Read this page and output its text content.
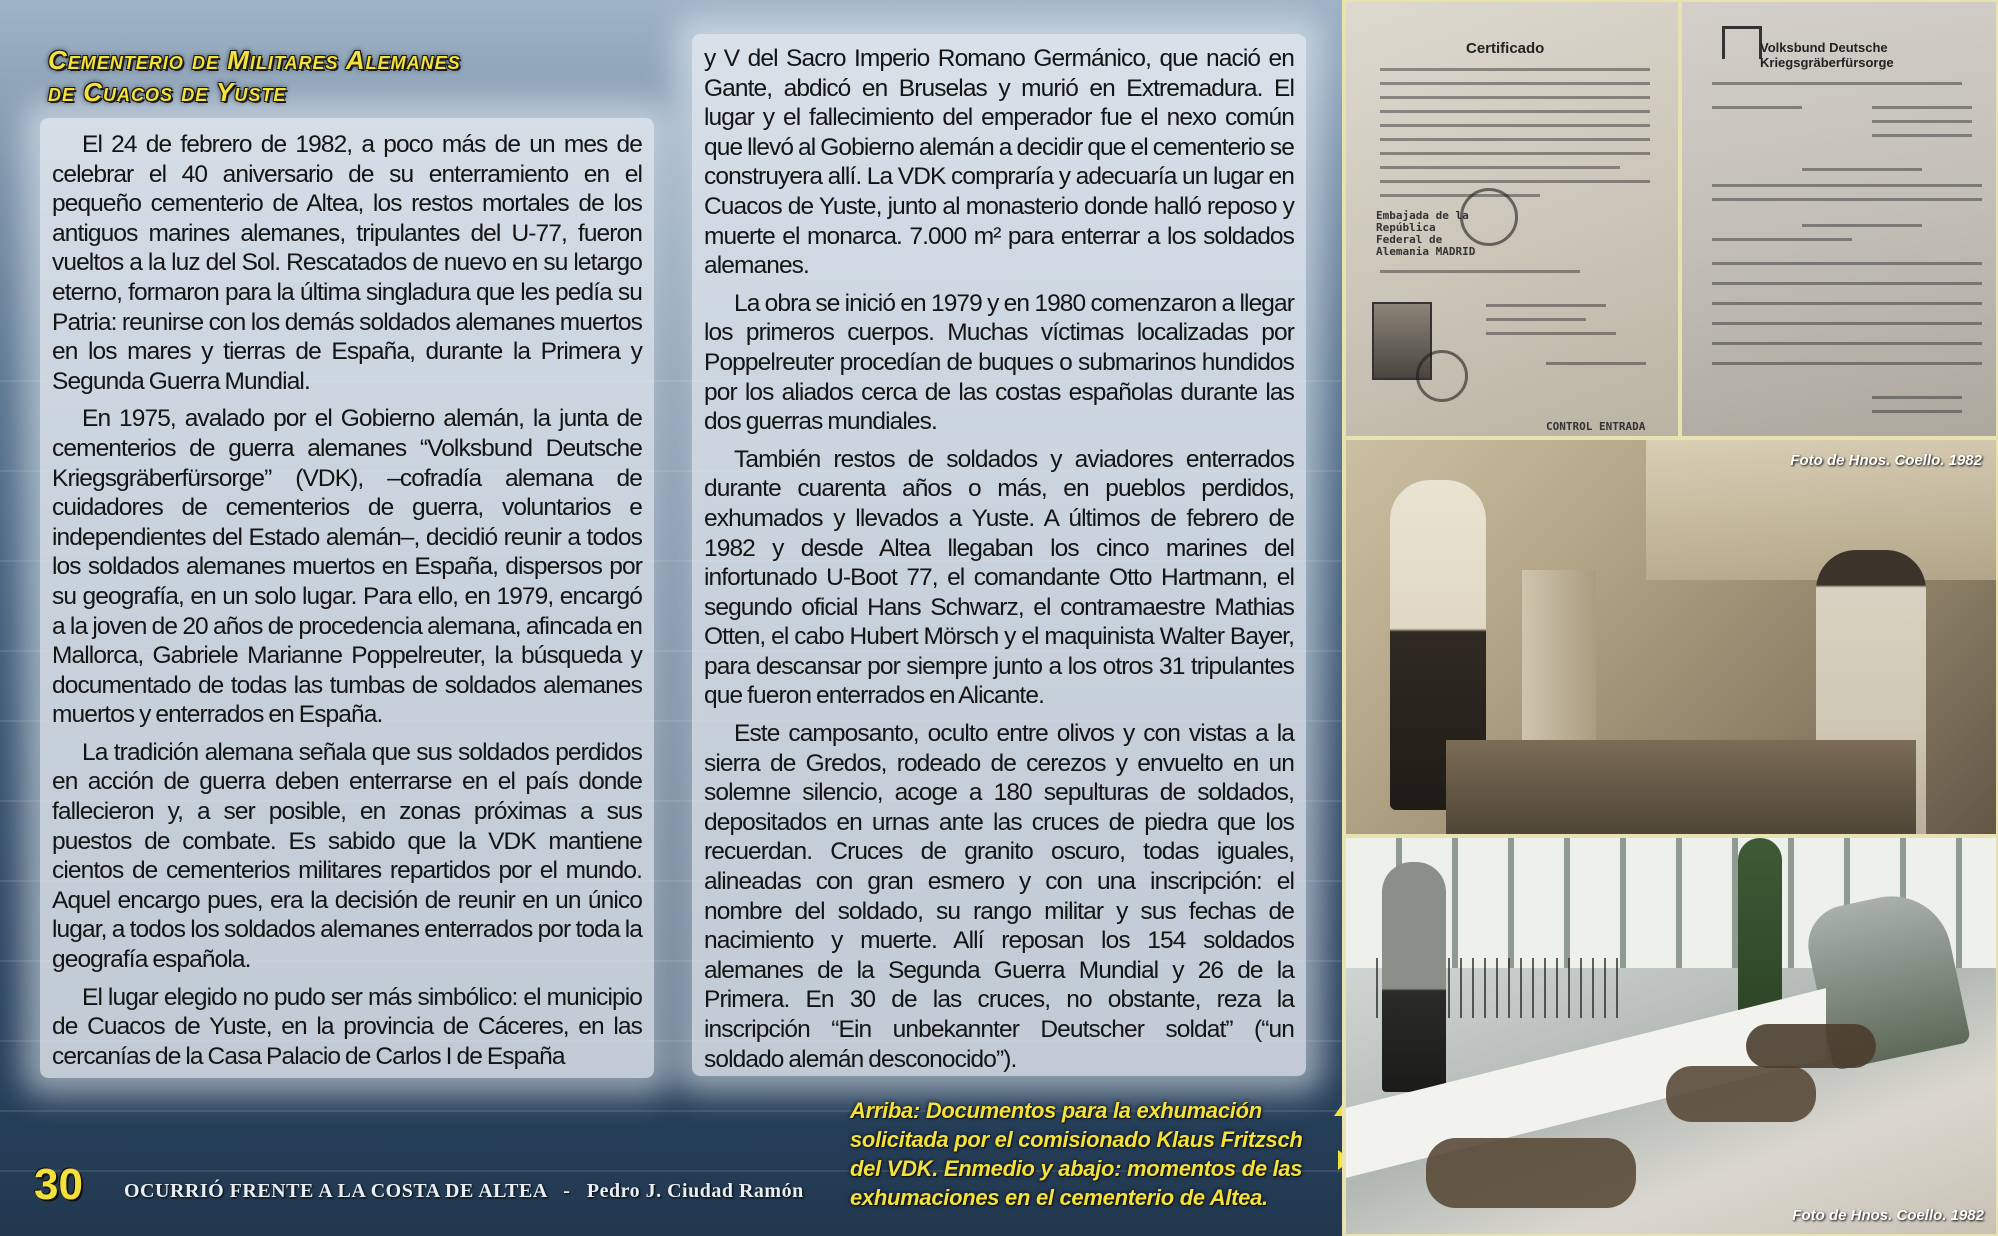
Cementerio de Militares Alemanes
de Cuacos de Yuste

El 24 de febrero de 1982, a poco más de un mes de celebrar el 40 aniversario de su enterramiento en el pequeño cementerio de Altea, los restos mortales de los antiguos marines alemanes, tripulantes del U-77, fueron vueltos a la luz del Sol. Rescatados de nuevo en su letargo eterno, formaron para la última singladura que les pedía su Patria: reunirse con los demás soldados alemanes muertos en los mares y tierras de España, durante la Primera y Segunda Guerra Mundial.

En 1975, avalado por el Gobierno alemán, la junta de cementerios de guerra alemanes “Volksbund Deutsche Kriegsgräberfürsorge” (VDK), –cofradía alemana de cuidadores de cementerios de guerra, voluntarios e independientes del Estado alemán–, decidió reunir a todos los soldados alemanes muertos en España, dispersos por su geografía, en un solo lugar. Para ello, en 1979, encargó a la joven de 20 años de procedencia alemana, afincada en Mallorca, Gabriele Marianne Poppelreuter, la búsqueda y documentado de todas las tumbas de soldados alemanes muertos y enterrados en España.

La tradición alemana señala que sus soldados perdidos en acción de guerra deben enterrarse en el país donde fallecieron y, a ser posible, en zonas próximas a sus puestos de combate. Es sabido que la VDK mantiene cientos de cementerios militares repartidos por el mundo. Aquel encargo pues, era la decisión de reunir en un único lugar, a todos los soldados alemanes enterrados por toda la geografía española.

El lugar elegido no pudo ser más simbólico: el municipio de Cuacos de Yuste, en la provincia de Cáceres, en las cercanías de la Casa Palacio de Carlos I de España

y V del Sacro Imperio Romano Germánico, que nació en Gante, abdicó en Bruselas y murió en Extremadura. El lugar y el fallecimiento del emperador fue el nexo común que llevó al Gobierno alemán a decidir que el cementerio se construyera allí. La VDK compraría y adecuaría un lugar en Cuacos de Yuste, junto al monasterio donde halló reposo y muerte el monarca. 7.000 m² para enterrar a los soldados alemanes.

La obra se inició en 1979 y en 1980 comenzaron a llegar los primeros cuerpos. Muchas víctimas localizadas por Poppelreuter procedían de buques o submarinos hundidos por los aliados cerca de las costas españolas durante las dos guerras mundiales.

También restos de soldados y aviadores enterrados durante cuarenta años o más, en pueblos perdidos, exhumados y llevados a Yuste. A últimos de febrero de 1982 y desde Altea llegaban los cinco marines del infortunado U-Boot 77, el comandante Otto Hartmann, el segundo oficial Hans Schwarz, el contramaestre Mathias Otten, el cabo Hubert Mörsch y el maquinista Walter Bayer, para descansar por siempre junto a los otros 31 tripulantes que fueron enterrados en Alicante.

Este camposanto, oculto entre olivos y con vistas a la sierra de Gredos, rodeado de cerezos y envuelto en un solemne silencio, acoge a 180 sepulturas de soldados, depositados en urnas ante las cruces de piedra que los recuerdan. Cruces de granito oscuro, todas iguales, alineadas con gran esmero y con una inscripción: el nombre del soldado, su rango militar y sus fechas de nacimiento y muerte. Allí reposan los 154 soldados alemanes de la Segunda Guerra Mundial y 26 de la Primera. En 30 de las cruces, no obstante, reza la inscripción “Ein unbekannter Deutscher soldat” (“un soldado alemán desconocido”).

30 OCURRIÓ FRENTE A LA COSTA DE ALTEA - Pedro J. Ciudad Ramón
Arriba: Documentos para la exhumación solicitada por el comisionado Klaus Fritzsch del VDK. Enmedio y abajo: momentos de las exhumaciones en el cementerio de Altea.
Certificado
Embajada de la República Federal de Alemania MADRID
CONTROL ENTRADA
Volksbund Deutsche Kriegsgräberfürsorge
Foto de Hnos. Coello. 1982
Foto de Hnos. Coello. 1982
